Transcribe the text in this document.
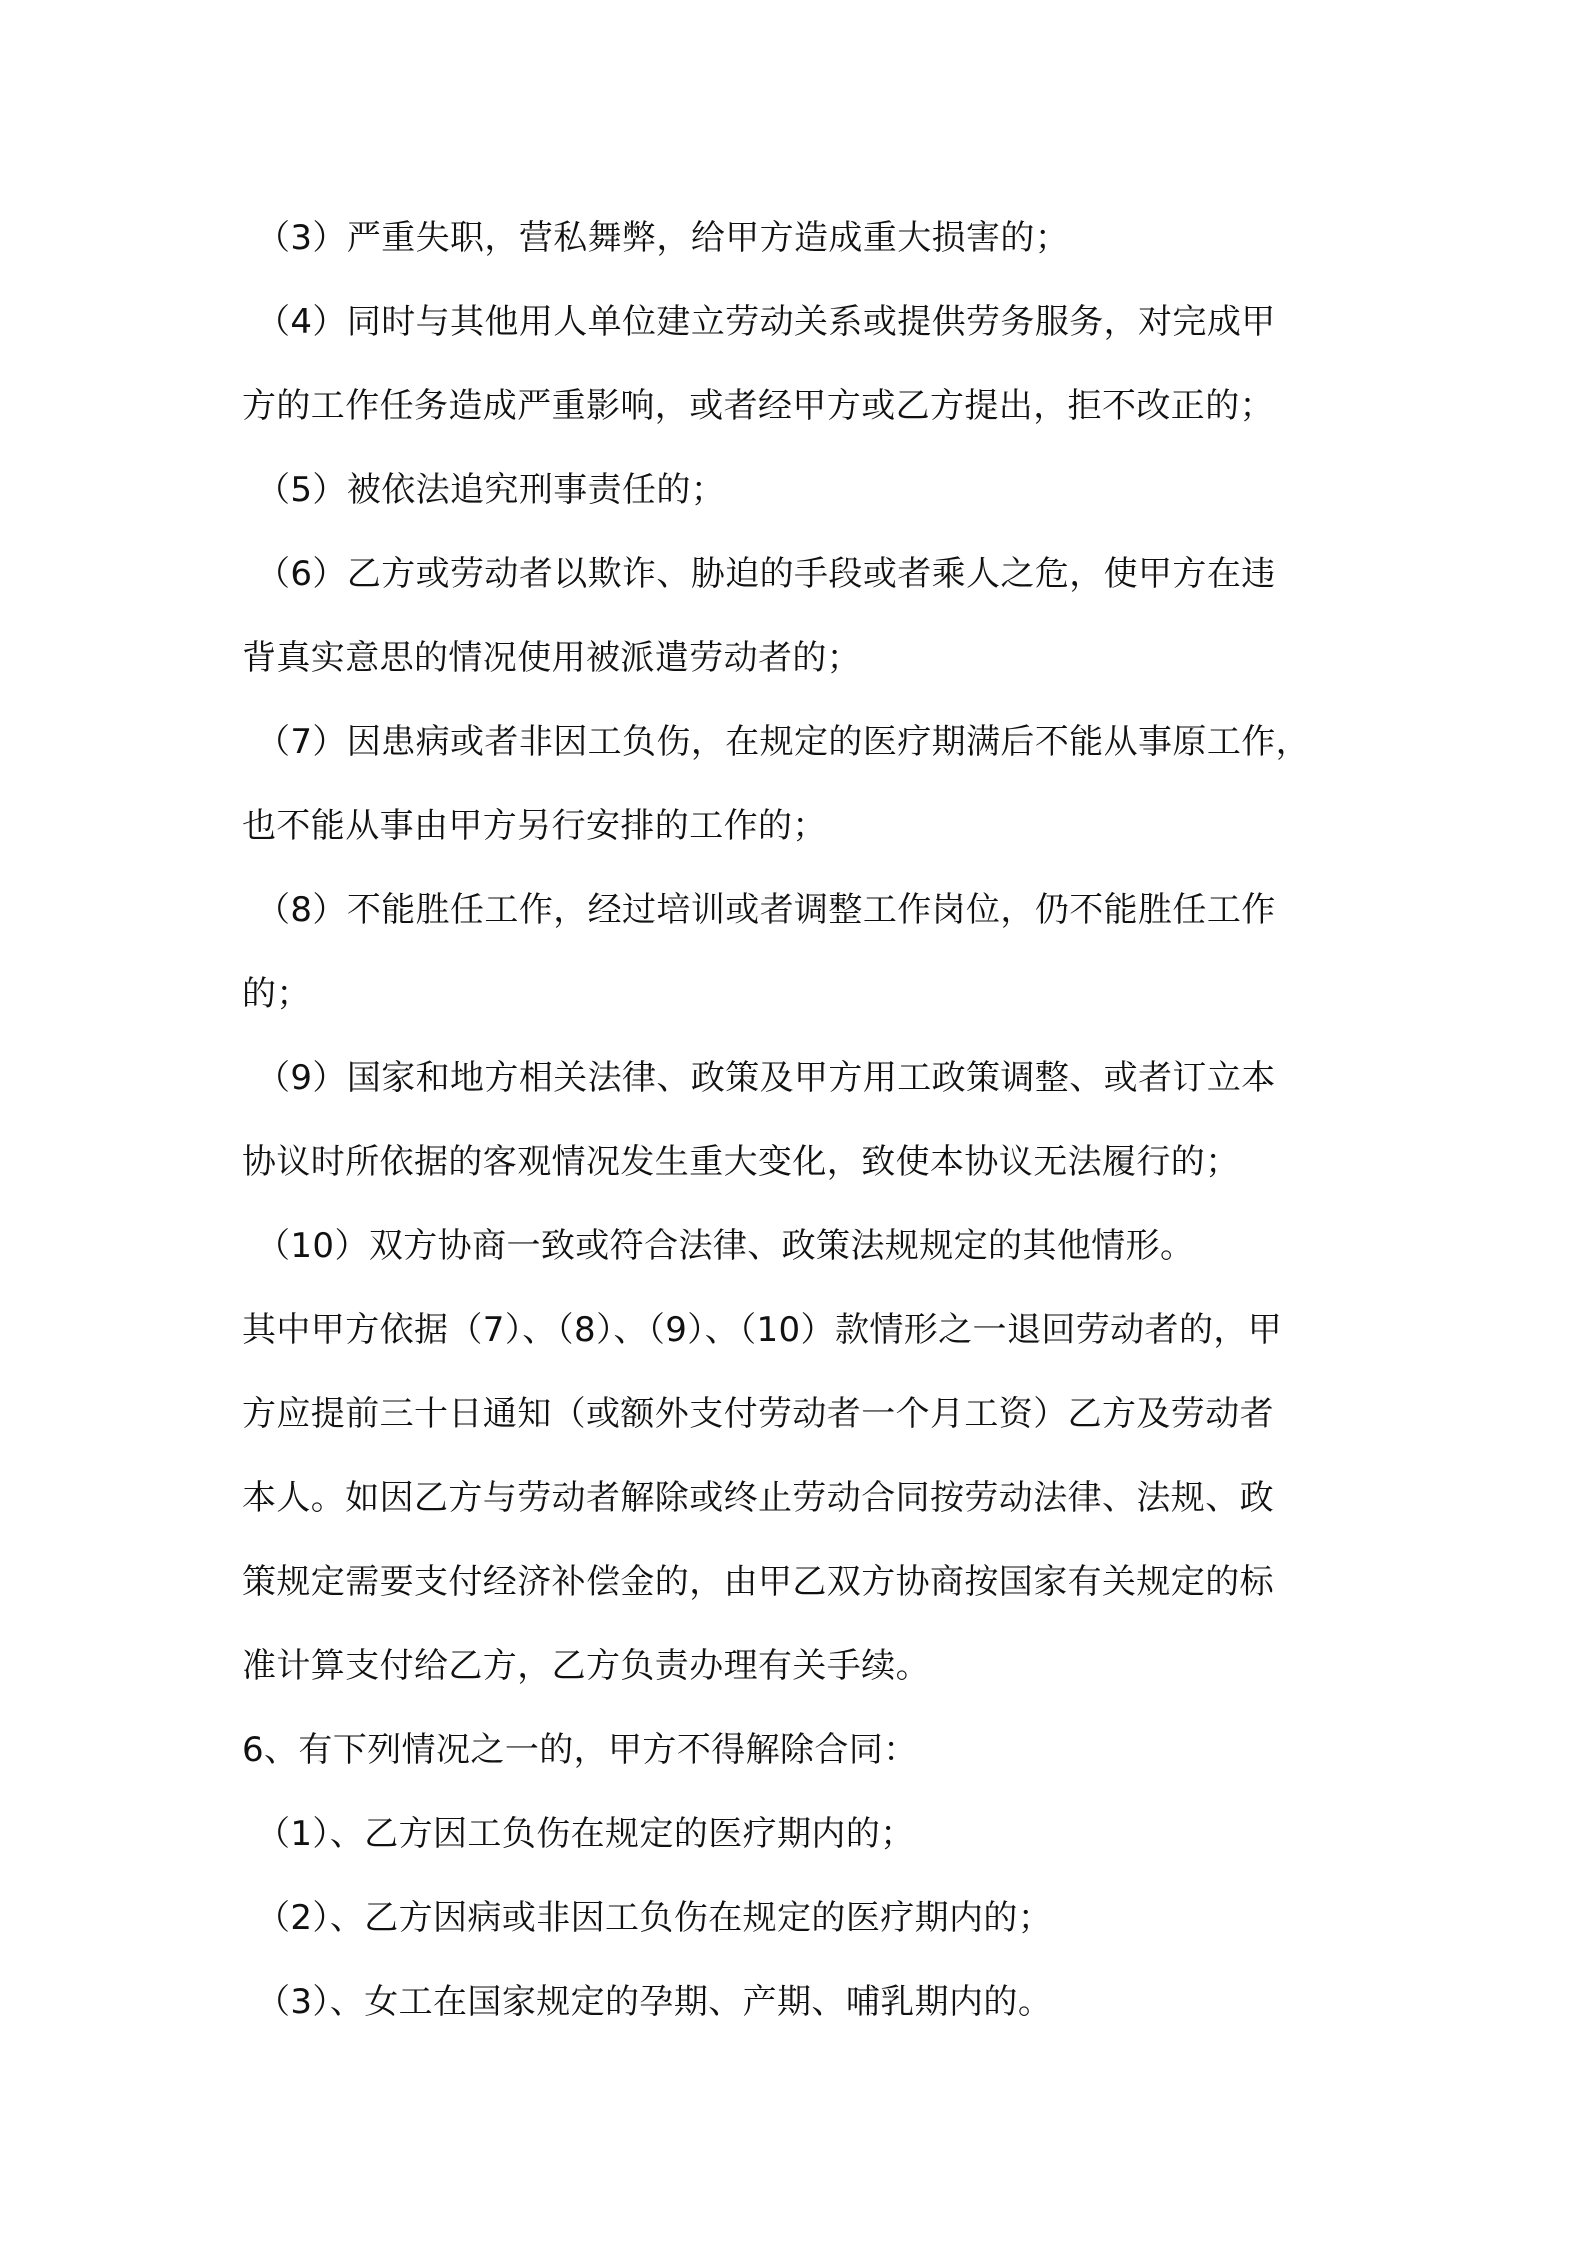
（3）严重失职，营私舞弊，给甲方造成重大损害的；
（4）同时与其他用人单位建立劳动关系或提供劳务服务，对完成甲
方的工作任务造成严重影响，或者经甲方或乙方提出，拒不改正的；
（5）被依法追究刑事责任的；
（6）乙方或劳动者以欺诈、胁迫的手段或者乘人之危，使甲方在违
背真实意思的情况使用被派遣劳动者的；
（7）因患病或者非因工负伤，在规定的医疗期满后不能从事原工作，
也不能从事由甲方另行安排的工作的；
（8）不能胜任工作，经过培训或者调整工作岗位，仍不能胜任工作
的；
（9）国家和地方相关法律、政策及甲方用工政策调整、或者订立本
协议时所依据的客观情况发生重大变化，致使本协议无法履行的；
（10）双方协商一致或符合法律、政策法规规定的其他情形。
其中甲方依据（7）、（8）、（9）、（10）款情形之一退回劳动者的，甲
方应提前三十日通知（或额外支付劳动者一个月工资）乙方及劳动者
本人。如因乙方与劳动者解除或终止劳动合同按劳动法律、法规、政
策规定需要支付经济补偿金的，由甲乙双方协商按国家有关规定的标
准计算支付给乙方，乙方负责办理有关手续。
6、有下列情况之一的，甲方不得解除合同：
（1）、乙方因工负伤在规定的医疗期内的；
（2）、乙方因病或非因工负伤在规定的医疗期内的；
（3）、女工在国家规定的孕期、产期、哺乳期内的。
